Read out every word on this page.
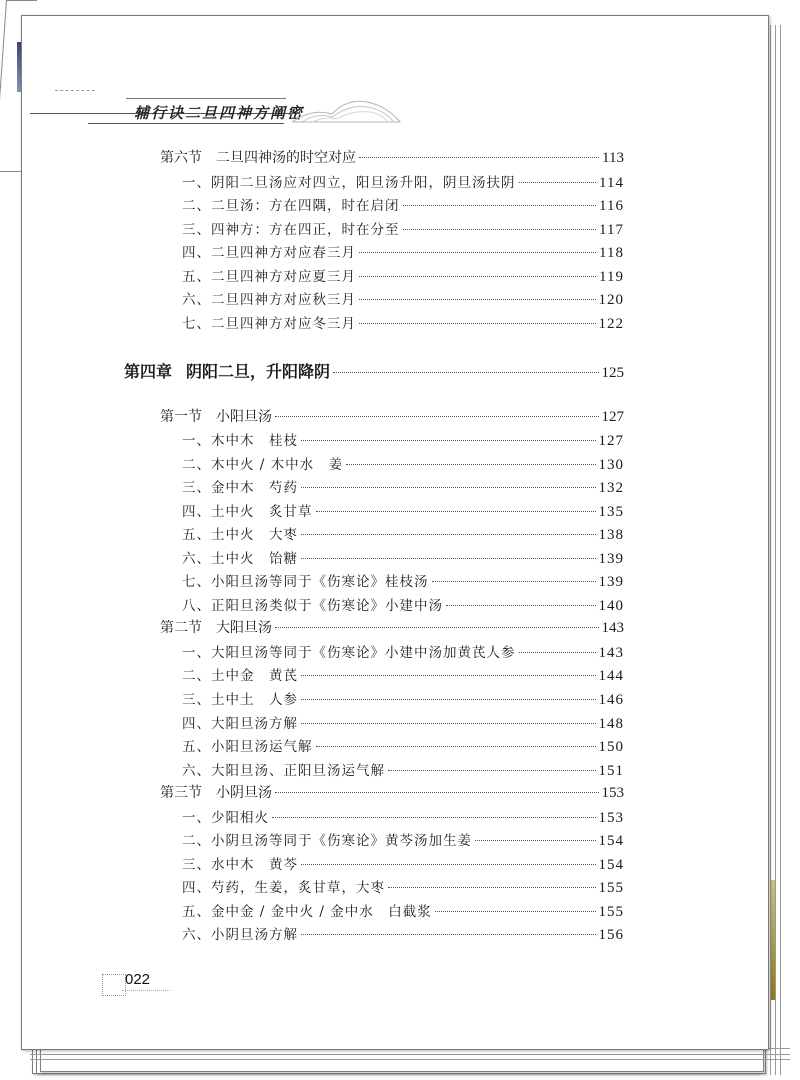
辅行诀二旦四神方阐密
第六节 二旦四神汤的时空对应	113
一、 阴阳二旦汤应对四立，阳旦汤升阳，阴旦汤扶阴	114
二、 二旦汤：方在四隅，时在启闭	116
三、 四神方：方在四正，时在分至	117
四、 二旦四神方对应春三月	118
五、 二旦四神方对应夏三月	119
六、 二旦四神方对应秋三月	120
七、 二旦四神方对应冬三月	122
第四章 阴阳二旦，升阳降阴	125
第一节 小阳旦汤	127
一、 木中木　桂枝	127
二、 木中火 / 木中水　姜	130
三、 金中木　芍药	132
四、 土中火　炙甘草	135
五、 土中火　大枣	138
六、 土中火　饴糖	139
七、 小阳旦汤等同于《伤寒论》桂枝汤	139
八、 正阳旦汤类似于《伤寒论》小建中汤	140
第二节 大阳旦汤	143
一、 大阳旦汤等同于《伤寒论》小建中汤加黄芪人参	143
二、 土中金　黄芪	144
三、 土中土　人参	146
四、 大阳旦汤方解	148
五、 小阳旦汤运气解	150
六、 大阳旦汤、正阳旦汤运气解	151
第三节 小阴旦汤	153
一、 少阳相火	153
二、 小阴旦汤等同于《伤寒论》黄芩汤加生姜	154
三、 水中木　黄芩	154
四、 芍药，生姜，炙甘草，大枣	155
五、 金中金 / 金中火 / 金中水　白截浆	155
六、 小阴旦汤方解	156
022
